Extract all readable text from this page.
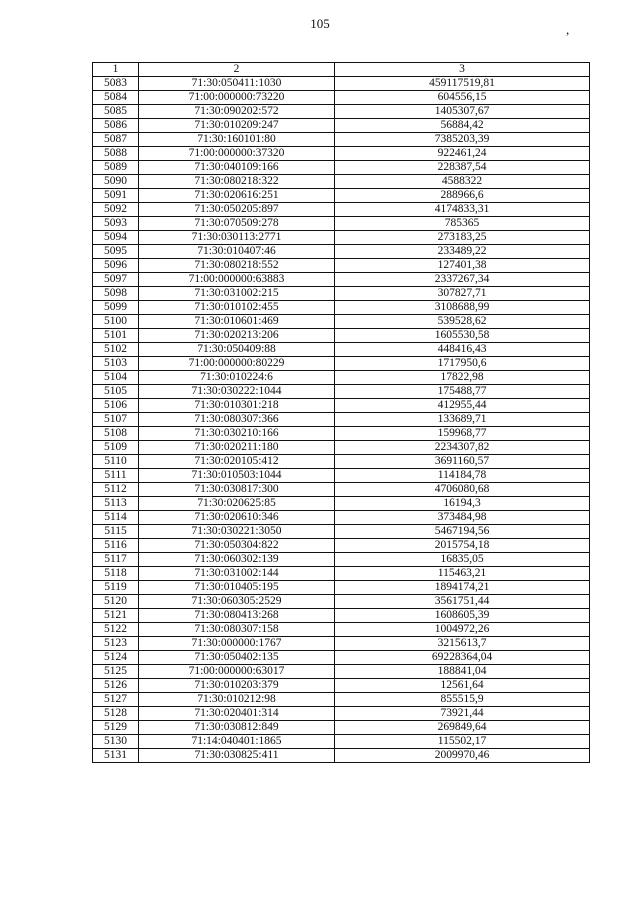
105	,
1	2	3
5083	71:30:050411:1030	459117519,81
5084	71:00:000000:73220	604556,15
5085	71:30:090202:572	1405307,67
5086	71:30:010209:247	56884,42
5087	71:30:160101:80	7385203,39
5088	71:00:000000:37320	922461,24
5089	71:30:040109:166	228387,54
5090	71:30:080218:322	4588322
5091	71:30:020616:251	288966,6
5092	71:30:050205:897	4174833,31
5093	71:30:070509:278	785365
5094	71:30:030113:2771	273183,25
5095	71:30:010407:46	233489,22
5096	71:30:080218:552	127401,38
5097	71:00:000000:63883	2337267,34
5098	71:30:031002:215	307827,71
5099	71:30:010102:455	3108688,99
5100	71:30:010601:469	539528,62
5101	71:30:020213:206	1605530,58
5102	71:30:050409:88	448416,43
5103	71:00:000000:80229	1717950,6
5104	71:30:010224:6	17822,98
5105	71:30:030222:1044	175488,77
5106	71:30:010301:218	412955,44
5107	71:30:080307:366	133689,71
5108	71:30:030210:166	159968,77
5109	71:30:020211:180	2234307,82
5110	71:30:020105:412	3691160,57
5111	71:30:010503:1044	114184,78
5112	71:30:030817:300	4706080,68
5113	71:30:020625:85	16194,3
5114	71:30:020610:346	373484,98
5115	71:30:030221:3050	5467194,56
5116	71:30:050304:822	2015754,18
5117	71:30:060302:139	16835,05
5118	71:30:031002:144	115463,21
5119	71:30:010405:195	1894174,21
5120	71:30:060305:2529	3561751,44
5121	71:30:080413:268	1608605,39
5122	71:30:080307:158	1004972,26
5123	71:30:000000:1767	3215613,7
5124	71:30:050402:135	69228364,04
5125	71:00:000000:63017	188841,04
5126	71:30:010203:379	12561,64
5127	71:30:010212:98	855515,9
5128	71:30:020401:314	73921,44
5129	71:30:030812:849	269849,64
5130	71:14:040401:1865	115502,17
5131	71:30:030825:411	2009970,46
